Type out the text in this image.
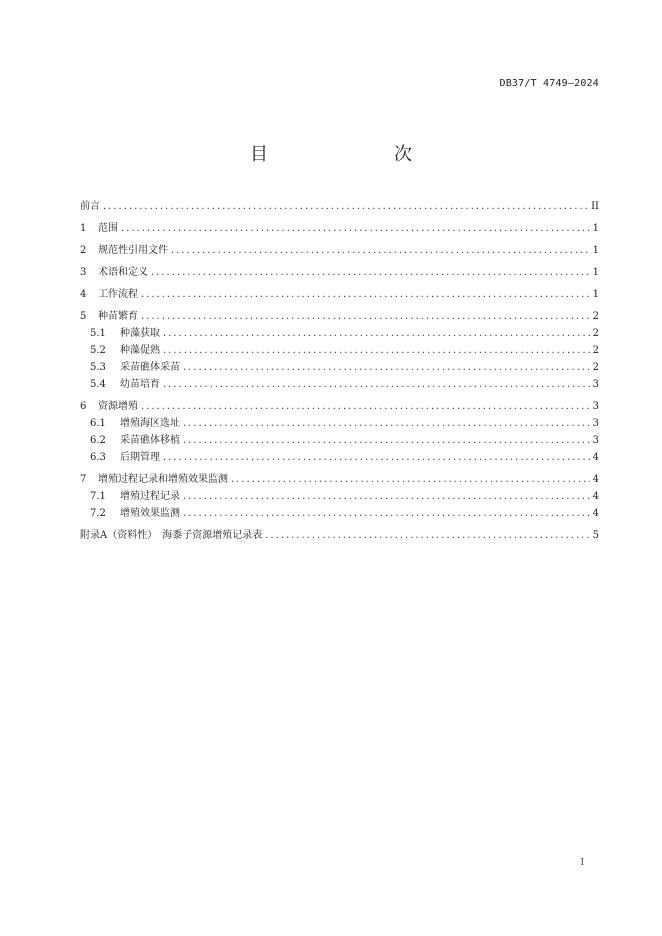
DB37/T 4749—2024
目　　次
前言 .....	II
1 范围 .....	1
2 规范性引用文件 .....	1
3 术语和定义 .....	1
4 工作流程 .....	1
5 种苗繁育 .....	2
5.1 种藻获取 .....	2
5.2 种藻促熟 .....	2
5.3 采苗礁体采苗 .....	2
5.4 幼苗培育 .....	3
6 资源增殖 .....	3
6.1 增殖海区选址 .....	3
6.2 采苗礁体移植 .....	3
6.3 后期管理 .....	4
7 增殖过程记录和增殖效果监测 .....	4
7.1 增殖过程记录 .....	4
7.2 增殖效果监测 .....	4
附录A（资料性）　海黍子资源增殖记录表 .....	5
I
